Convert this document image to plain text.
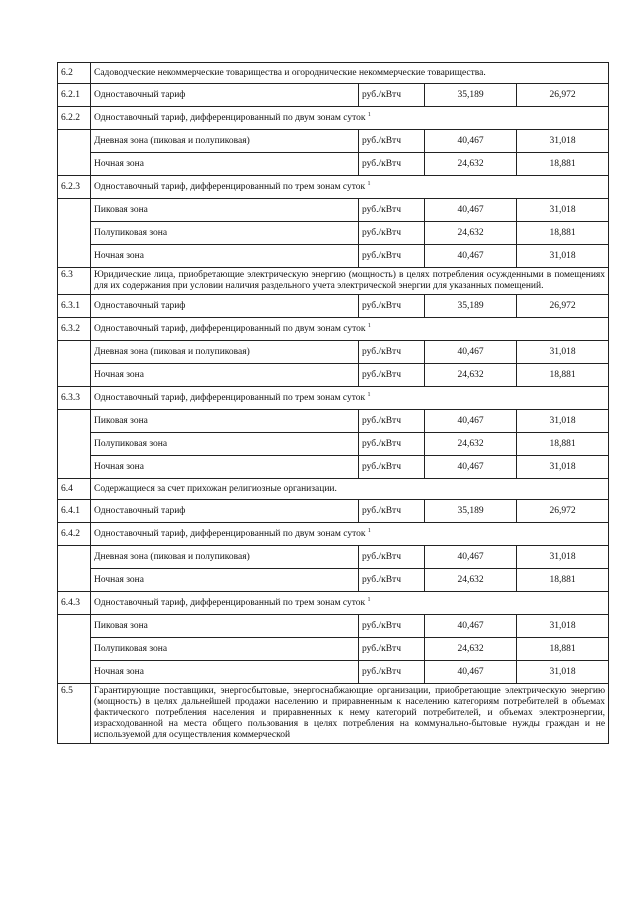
6.2	Садоводческие некоммерческие товарищества и огороднические некоммерческие товарищества.			
6.2.1	Одноставочный тариф	руб./кВтч	35,189	26,972
6.2.2	Одноставочный тариф, дифференцированный по двум зонам суток $^1$
	Дневная зона (пиковая и полупиковая)	руб./кВтч	40,467	31,018
	Ночная зона	руб./кВтч	24,632	18,881
6.2.3	Одноставочный тариф, дифференцированный по трем зонам суток $^1$
	Пиковая зона	руб./кВтч	40,467	31,018
	Полупиковая зона	руб./кВтч	24,632	18,881
	Ночная зона	руб./кВтч	40,467	31,018
6.3	Юридические лица, приобретающие электрическую энергию (мощность) в целях потребления осужденными в помещениях для их содержания при условии наличия раздельного учета электрической энергии для указанных помещений.			
6.3.1	Одноставочный тариф	руб./кВтч	35,189	26,972
6.3.2	Одноставочный тариф, дифференцированный по двум зонам суток $^1$
	Дневная зона (пиковая и полупиковая)	руб./кВтч	40,467	31,018
	Ночная зона	руб./кВтч	24,632	18,881
6.3.3	Одноставочный тариф, дифференцированный по трем зонам суток $^1$
	Пиковая зона	руб./кВтч	40,467	31,018
	Полупиковая зона	руб./кВтч	24,632	18,881
	Ночная зона	руб./кВтч	40,467	31,018
6.4	Содержащиеся за счет прихожан религиозные организации.			
6.4.1	Одноставочный тариф	руб./кВтч	35,189	26,972
6.4.2	Одноставочный тариф, дифференцированный по двум зонам суток $^1$
	Дневная зона (пиковая и полупиковая)	руб./кВтч	40,467	31,018
	Ночная зона	руб./кВтч	24,632	18,881
6.4.3	Одноставочный тариф, дифференцированный по трем зонам суток $^1$
	Пиковая зона	руб./кВтч	40,467	31,018
	Полупиковая зона	руб./кВтч	24,632	18,881
	Ночная зона	руб./кВтч	40,467	31,018
6.5	Гарантирующие поставщики, энергосбытовые, энергоснабжающие организации, приобретающие электрическую энергию (мощность) в целях дальнейшей продажи населению и приравненным к населению категориям потребителей в объемах фактического потребления населения и приравненных к нему категорий потребителей, и объемах электроэнергии, израсходованной на места общего пользования в целях потребления на коммунально-бытовые нужды граждан и не используемой для осуществления коммерческой			
